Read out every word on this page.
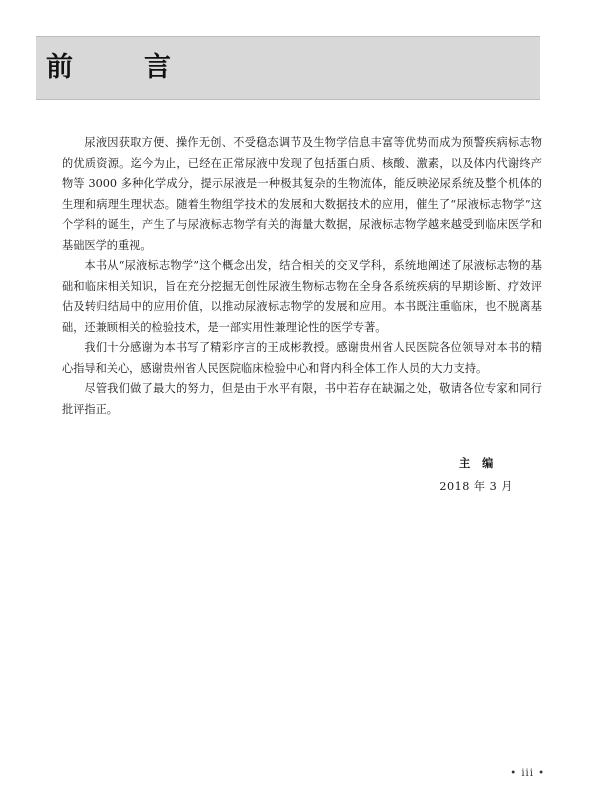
前　言

尿液因获取方便、操作无创、不受稳态调节及生物学信息丰富等优势而成为预警疾病标志物的优质资源。迄今为止，已经在正常尿液中发现了包括蛋白质、核酸、激素，以及体内代谢终产物等 3000 多种化学成分，提示尿液是一种极其复杂的生物流体，能反映泌尿系统及整个机体的生理和病理生理状态。随着生物组学技术的发展和大数据技术的应用，催生了“尿液标志物学”这个学科的诞生，产生了与尿液标志物学有关的海量大数据，尿液标志物学越来越受到临床医学和基础医学的重视。

本书从“尿液标志物学”这个概念出发，结合相关的交叉学科，系统地阐述了尿液标志物的基础和临床相关知识，旨在充分挖掘无创性尿液生物标志物在全身各系统疾病的早期诊断、疗效评估及转归结局中的应用价值，以推动尿液标志物学的发展和应用。本书既注重临床，也不脱离基础，还兼顾相关的检验技术，是一部实用性兼理论性的医学专著。

我们十分感谢为本书写了精彩序言的王成彬教授。感谢贵州省人民医院各位领导对本书的精心指导和关心，感谢贵州省人民医院临床检验中心和肾内科全体工作人员的大力支持。

尽管我们做了最大的努力，但是由于水平有限，书中若存在缺漏之处，敬请各位专家和同行批评指正。

主编
2018 年 3 月
• iii •
